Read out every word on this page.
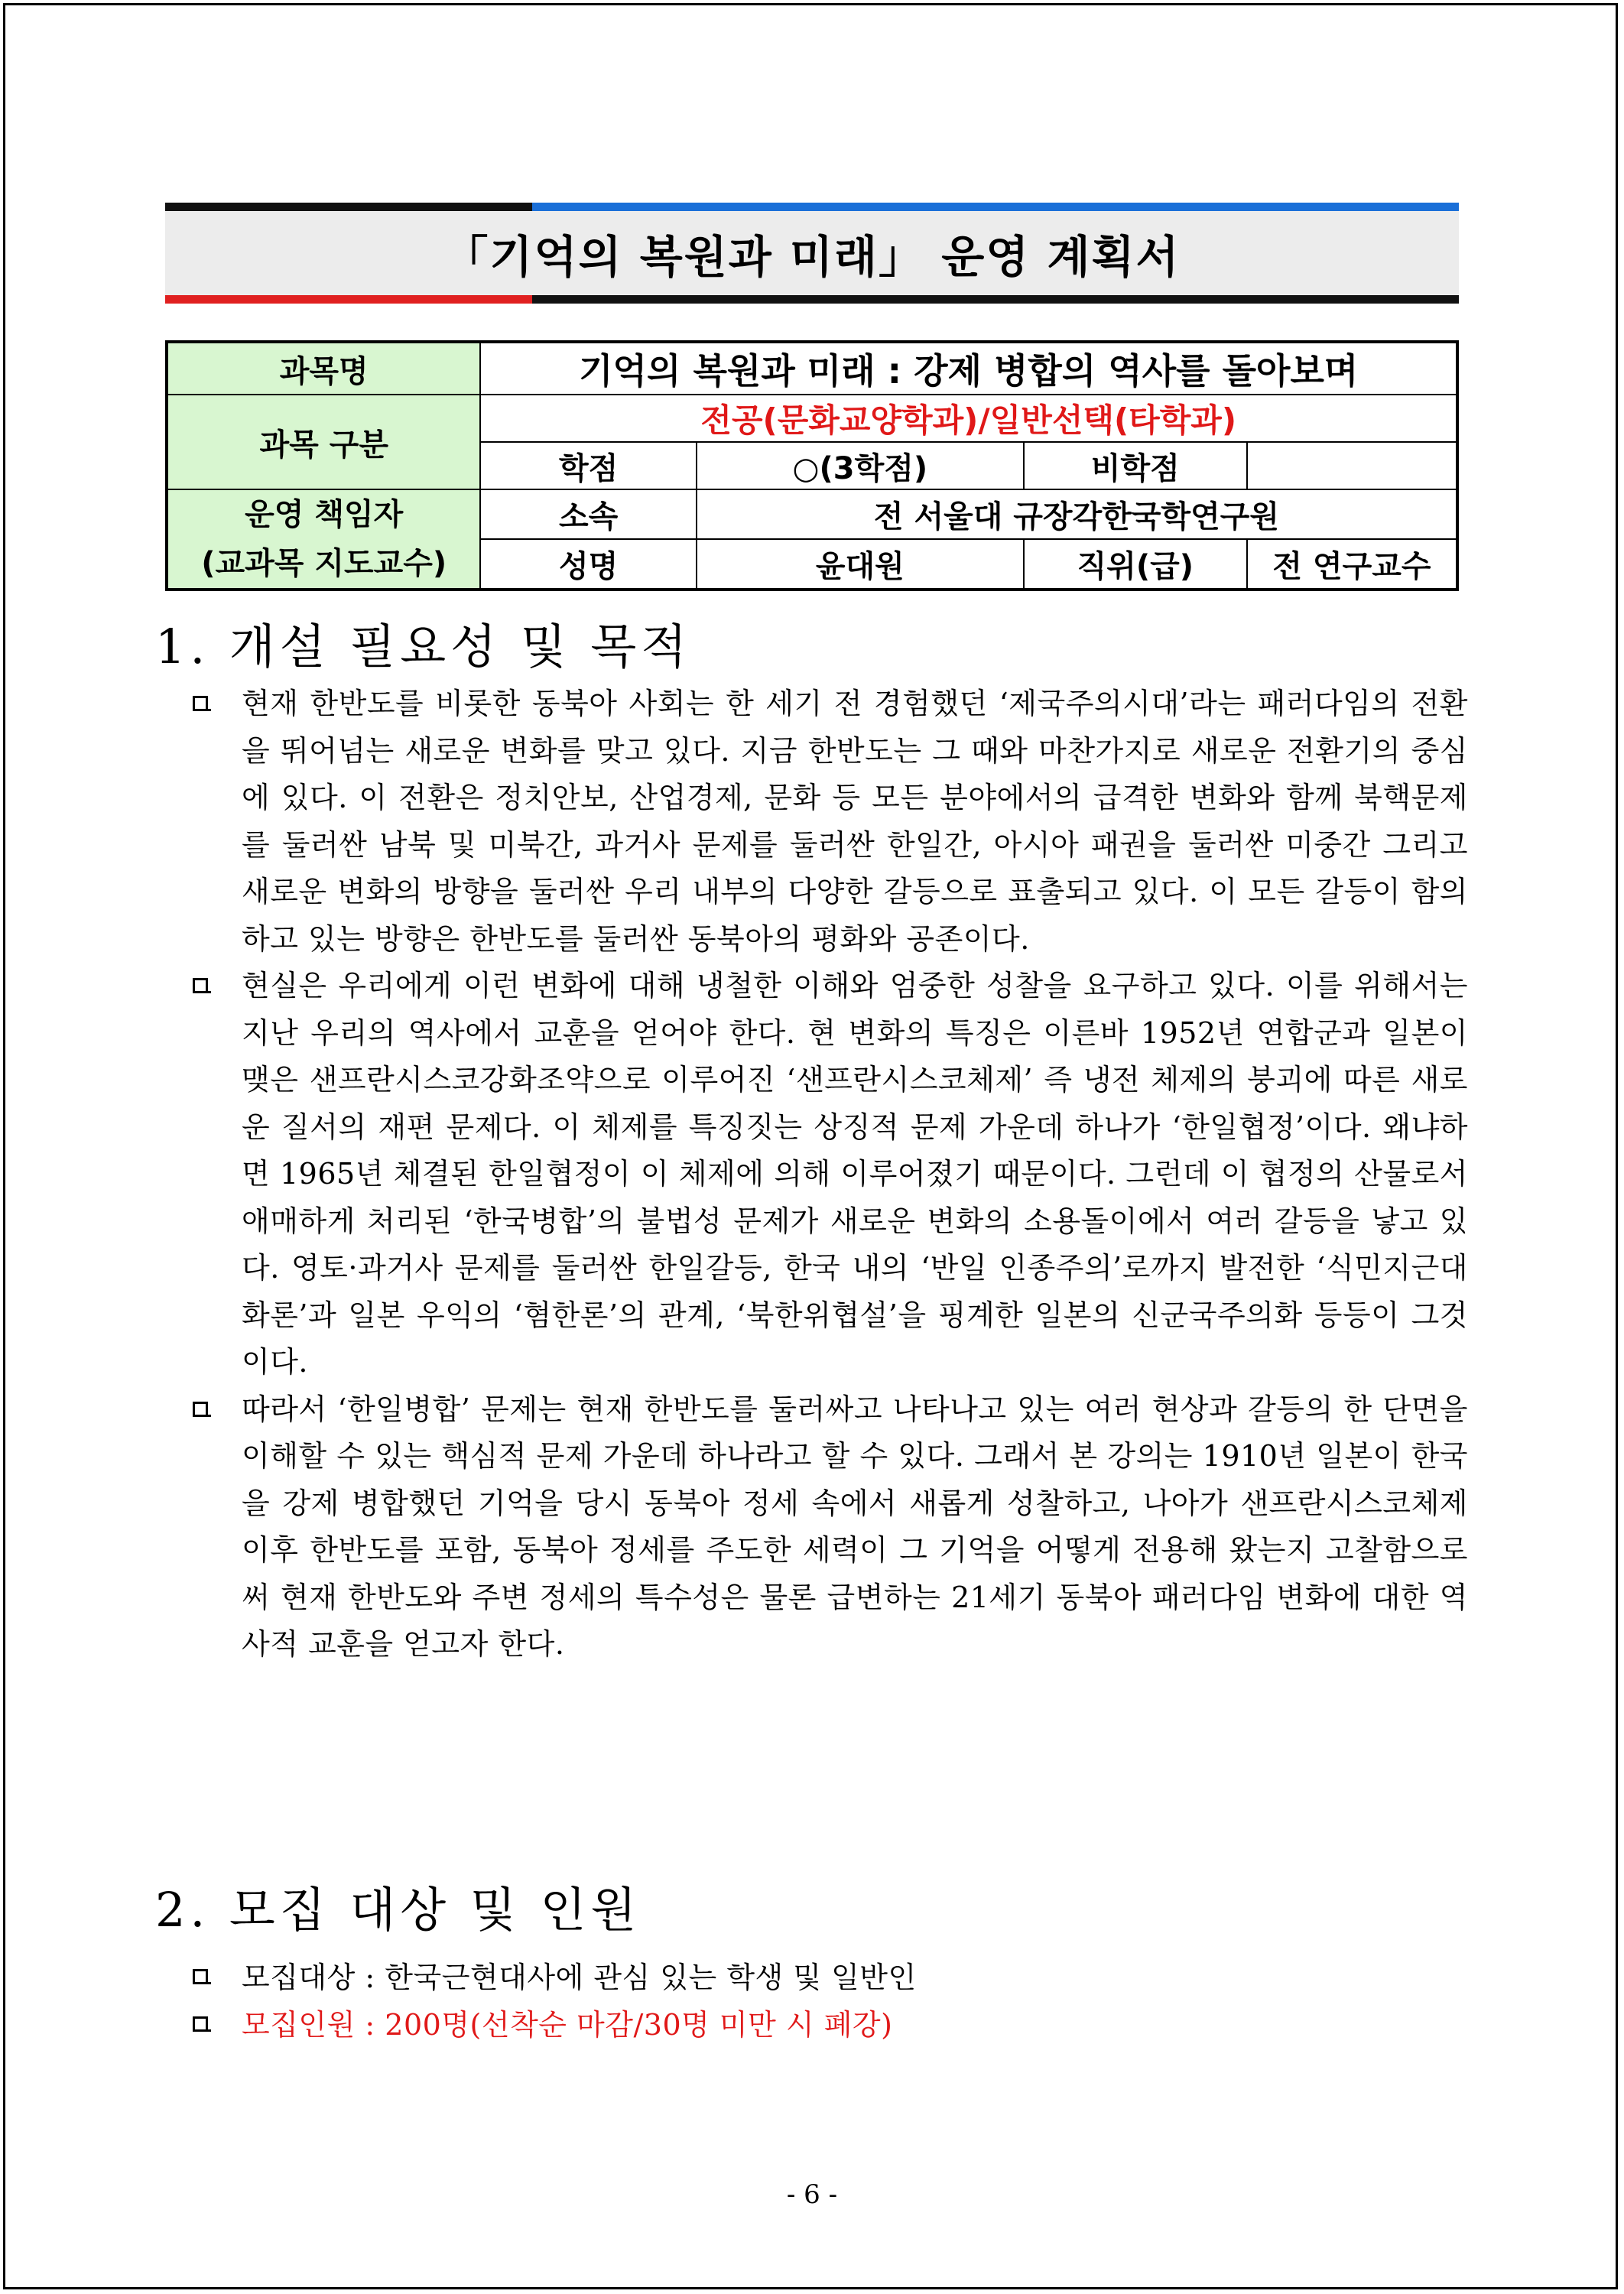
「기억의 복원과 미래」 운영 계획서
과목명	기억의 복원과 미래 : 강제 병합의 역사를 돌아보며			
과목 구분	전공(문화교양학과)/일반선택(타학과)			
	학점	○(3학점)	비학점	
운영 책임자
(교과목 지도교수)	소속	전 서울대 규장각한국학연구원		
	성명	윤대원	직위(급)	전 연구교수
1. 개설 필요성 및 목적
현재 한반도를 비롯한 동북아 사회는 한 세기 전 경험했던 ‘제국주의시대’라는 패러다임의 전환을 뛰어넘는 새로운 변화를 맞고 있다. 지금 한반도는 그 때와 마찬가지로 새로운 전환기의 중심에 있다. 이 전환은 정치안보, 산업경제, 문화 등 모든 분야에서의 급격한 변화와 함께 북핵문제를 둘러싼 남북 및 미북간, 과거사 문제를 둘러싼 한일간, 아시아 패권을 둘러싼 미중간 그리고 새로운 변화의 방향을 둘러싼 우리 내부의 다양한 갈등으로 표출되고 있다. 이 모든 갈등이 함의하고 있는 방향은 한반도를 둘러싼 동북아의 평화와 공존이다.
현실은 우리에게 이런 변화에 대해 냉철한 이해와 엄중한 성찰을 요구하고 있다. 이를 위해서는 지난 우리의 역사에서 교훈을 얻어야 한다. 현 변화의 특징은 이른바 1952년 연합군과 일본이 맺은 샌프란시스코강화조약으로 이루어진 ‘샌프란시스코체제’ 즉 냉전 체제의 붕괴에 따른 새로운 질서의 재편 문제다. 이 체제를 특징짓는 상징적 문제 가운데 하나가 ‘한일협정’이다. 왜냐하면 1965년 체결된 한일협정이 이 체제에 의해 이루어졌기 때문이다. 그런데 이 협정의 산물로서 애매하게 처리된 ‘한국병합’의 불법성 문제가 새로운 변화의 소용돌이에서 여러 갈등을 낳고 있다. 영토·과거사 문제를 둘러싼 한일갈등, 한국 내의 ‘반일 인종주의’로까지 발전한 ‘식민지근대화론’과 일본 우익의 ‘혐한론’의 관계, ‘북한위협설’을 핑계한 일본의 신군국주의화 등등이 그것이다.
따라서 ‘한일병합’ 문제는 현재 한반도를 둘러싸고 나타나고 있는 여러 현상과 갈등의 한 단면을 이해할 수 있는 핵심적 문제 가운데 하나라고 할 수 있다. 그래서 본 강의는 1910년 일본이 한국을 강제 병합했던 기억을 당시 동북아 정세 속에서 새롭게 성찰하고, 나아가 샌프란시스코체제 이후 한반도를 포함, 동북아 정세를 주도한 세력이 그 기억을 어떻게 전용해 왔는지 고찰함으로써 현재 한반도와 주변 정세의 특수성은 물론 급변하는 21세기 동북아 패러다임 변화에 대한 역사적 교훈을 얻고자 한다.
2. 모집 대상 및 인원
모집대상 : 한국근현대사에 관심 있는 학생 및 일반인
모집인원 : 200명(선착순 마감/30명 미만 시 폐강)
- 6 -
